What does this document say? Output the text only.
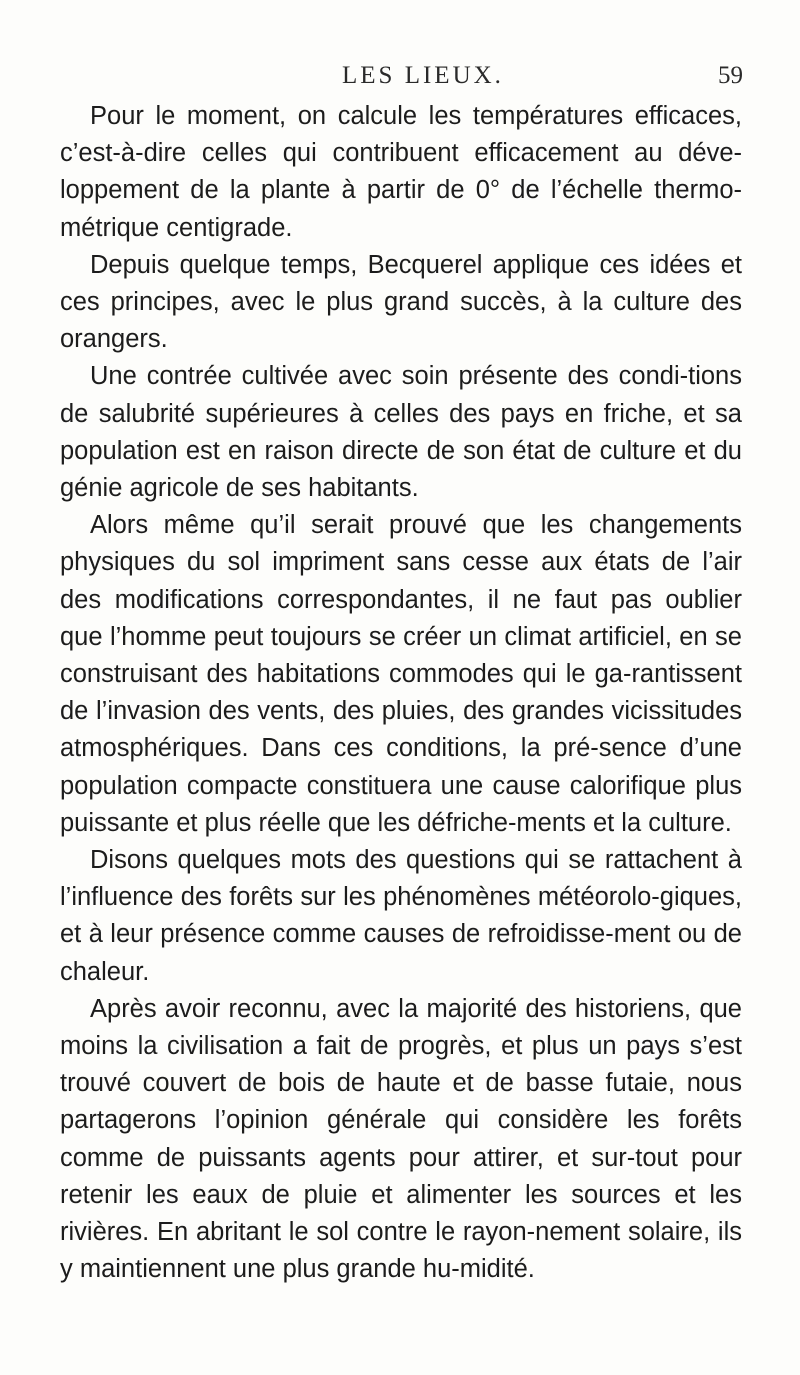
LES LIEUX.	59

Pour le moment, on calcule les températures efficaces, c’est-à-dire celles qui contribuent efficacement au déve-loppement de la plante à partir de 0° de l’échelle thermo-métrique centigrade.

Depuis quelque temps, Becquerel applique ces idées et ces principes, avec le plus grand succès, à la culture des orangers.

Une contrée cultivée avec soin présente des condi-tions de salubrité supérieures à celles des pays en friche, et sa population est en raison directe de son état de culture et du génie agricole de ses habitants.

Alors même qu’il serait prouvé que les changements physiques du sol impriment sans cesse aux états de l’air des modifications correspondantes, il ne faut pas oublier que l’homme peut toujours se créer un climat artificiel, en se construisant des habitations commodes qui le ga-rantissent de l’invasion des vents, des pluies, des grandes vicissitudes atmosphériques. Dans ces conditions, la pré-sence d’une population compacte constituera une cause calorifique plus puissante et plus réelle que les défriche-ments et la culture.

Disons quelques mots des questions qui se rattachent à l’influence des forêts sur les phénomènes météorolo-giques, et à leur présence comme causes de refroidisse-ment ou de chaleur.

Après avoir reconnu, avec la majorité des historiens, que moins la civilisation a fait de progrès, et plus un pays s’est trouvé couvert de bois de haute et de basse futaie, nous partagerons l’opinion générale qui considère les forêts comme de puissants agents pour attirer, et sur-tout pour retenir les eaux de pluie et alimenter les sources et les rivières. En abritant le sol contre le rayon-nement solaire, ils y maintiennent une plus grande hu-midité.
